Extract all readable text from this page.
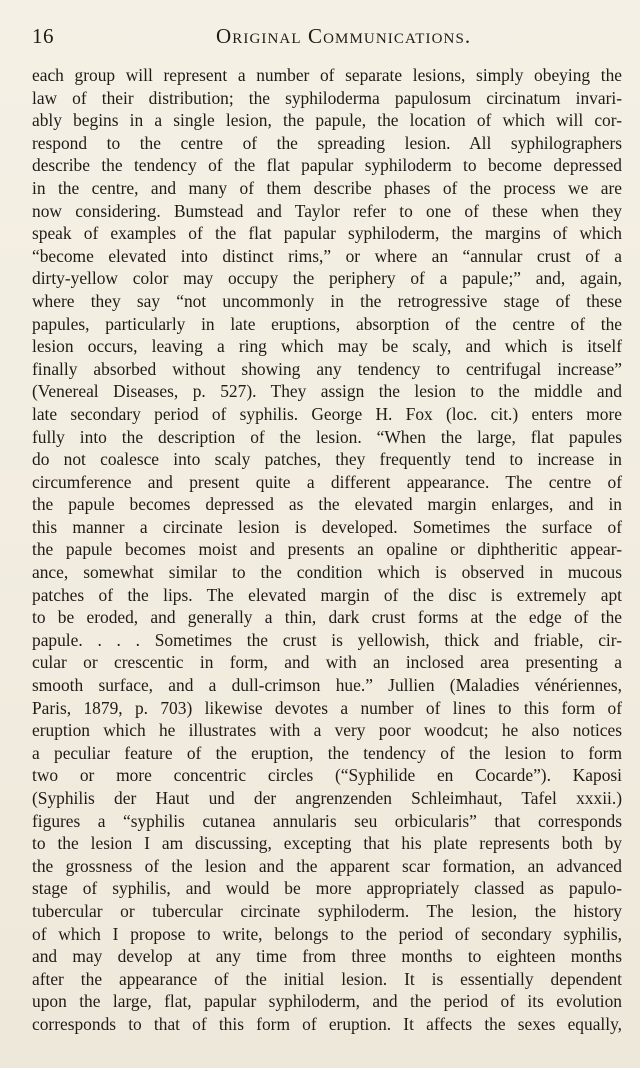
16	Original Communications.
each group will represent a number of separate lesions, simply obeying the
law of their distribution; the syphiloderma papulosum circinatum invari-
ably begins in a single lesion, the papule, the location of which will cor-
respond to the centre of the spreading lesion. All syphilographers
describe the tendency of the flat papular syphiloderm to become depressed
in the centre, and many of them describe phases of the process we are
now considering. Bumstead and Taylor refer to one of these when they
speak of examples of the flat papular syphiloderm, the margins of which
“become elevated into distinct rims,” or where an “annular crust of a
dirty-yellow color may occupy the periphery of a papule;” and, again,
where they say “not uncommonly in the retrogressive stage of these
papules, particularly in late eruptions, absorption of the centre of the
lesion occurs, leaving a ring which may be scaly, and which is itself
finally absorbed without showing any tendency to centrifugal increase”
(Venereal Diseases, p. 527). They assign the lesion to the middle and
late secondary period of syphilis. George H. Fox (loc. cit.) enters more
fully into the description of the lesion. “When the large, flat papules
do not coalesce into scaly patches, they frequently tend to increase in
circumference and present quite a different appearance. The centre of
the papule becomes depressed as the elevated margin enlarges, and in
this manner a circinate lesion is developed. Sometimes the surface of
the papule becomes moist and presents an opaline or diphtheritic appear-
ance, somewhat similar to the condition which is observed in mucous
patches of the lips. The elevated margin of the disc is extremely apt
to be eroded, and generally a thin, dark crust forms at the edge of the
papule. . . . Sometimes the crust is yellowish, thick and friable, cir-
cular or crescentic in form, and with an inclosed area presenting a
smooth surface, and a dull-crimson hue.” Jullien (Maladies vénériennes,
Paris, 1879, p. 703) likewise devotes a number of lines to this form of
eruption which he illustrates with a very poor woodcut; he also notices
a peculiar feature of the eruption, the tendency of the lesion to form
two or more concentric circles (“Syphilide en Cocarde”). Kaposi
(Syphilis der Haut und der angrenzenden Schleimhaut, Tafel xxxii.)
figures a “syphilis cutanea annularis seu orbicularis” that corresponds
to the lesion I am discussing, excepting that his plate represents both by
the grossness of the lesion and the apparent scar formation, an advanced
stage of syphilis, and would be more appropriately classed as papulo-
tubercular or tubercular circinate syphiloderm. The lesion, the history
of which I propose to write, belongs to the period of secondary syphilis,
and may develop at any time from three months to eighteen months
after the appearance of the initial lesion. It is essentially dependent
upon the large, flat, papular syphiloderm, and the period of its evolution
corresponds to that of this form of eruption. It affects the sexes equally,
